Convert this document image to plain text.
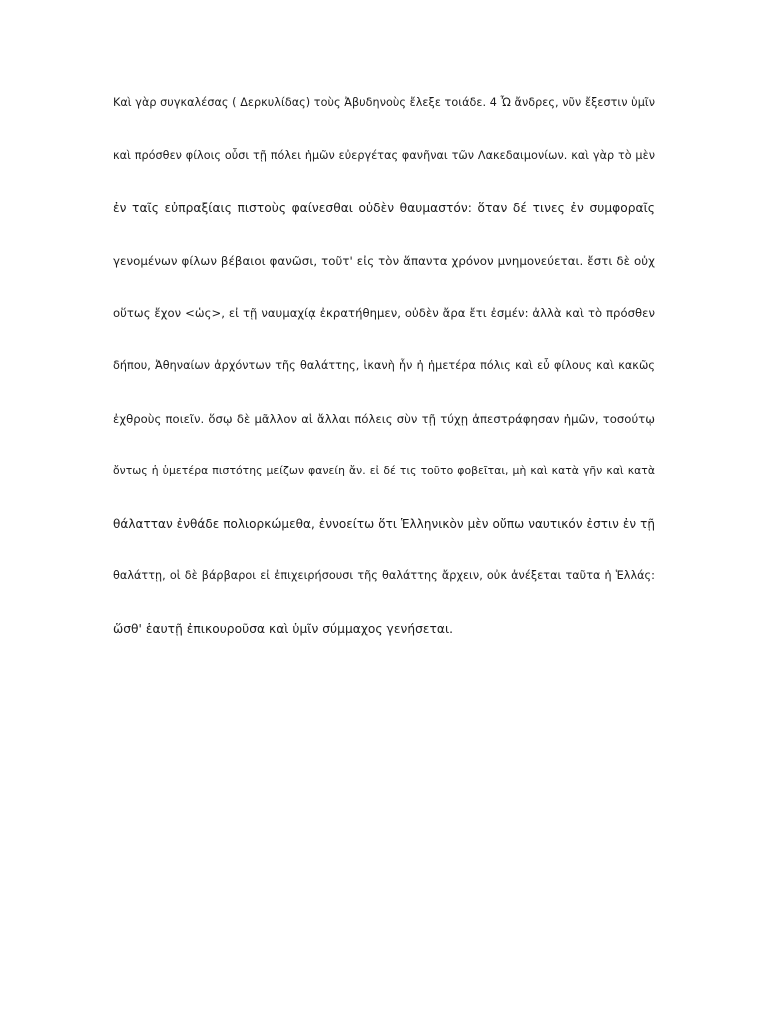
Καὶ γὰρ συγκαλέσας ( Δερκυλίδας) τοὺς Ἀβυδηνοὺς ἔλεξε τοιάδε. 4 Ὦ ἄνδρες, νῦν ἔξεστιν ὑμῖν
καὶ πρόσθεν φίλοις οὖσι τῇ πόλει ἡμῶν εὐεργέτας φανῆναι τῶν Λακεδαιμονίων. καὶ γὰρ τὸ μὲν
ἐν ταῖς εὐπραξίαις πιστοὺς φαίνεσθαι οὐδὲν θαυμαστόν: ὅταν δέ τινες ἐν συμφοραῖς
γενομένων φίλων βέβαιοι φανῶσι, τοῦτ' εἰς τὸν ἅπαντα χρόνον μνημονεύεται. ἔστι δὲ οὐχ
οὕτως ἔχον <ὡς>, εἰ τῇ ναυμαχίᾳ ἐκρατήθημεν, οὐδὲν ἄρα ἔτι ἐσμέν: ἀλλὰ καὶ τὸ πρόσθεν
δήπου, Ἀθηναίων ἀρχόντων τῆς θαλάττης, ἱκανὴ ἦν ἡ ἡμετέρα πόλις καὶ εὖ φίλους καὶ κακῶς
ἐχθροὺς ποιεῖν. ὅσῳ δὲ μᾶλλον αἱ ἄλλαι πόλεις σὺν τῇ τύχῃ ἀπεστράφησαν ἡμῶν, τοσούτῳ
ὄντως ἡ ὑμετέρα πιστότης μείζων φανείη ἄν. εἰ δέ τις τοῦτο φοβεῖται, μὴ καὶ κατὰ γῆν καὶ κατὰ
θάλατταν ἐνθάδε πολιορκώμεθα, ἐννοείτω ὅτι Ἑλληνικὸν μὲν οὔπω ναυτικόν ἐστιν ἐν τῇ
θαλάττῃ, οἱ δὲ βάρβαροι εἰ ἐπιχειρήσουσι τῆς θαλάττης ἄρχειν, οὐκ ἀνέξεται ταῦτα ἡ Ἑλλάς:
ὥσθ' ἑαυτῇ ἐπικουροῦσα καὶ ὑμῖν σύμμαχος γενήσεται.
